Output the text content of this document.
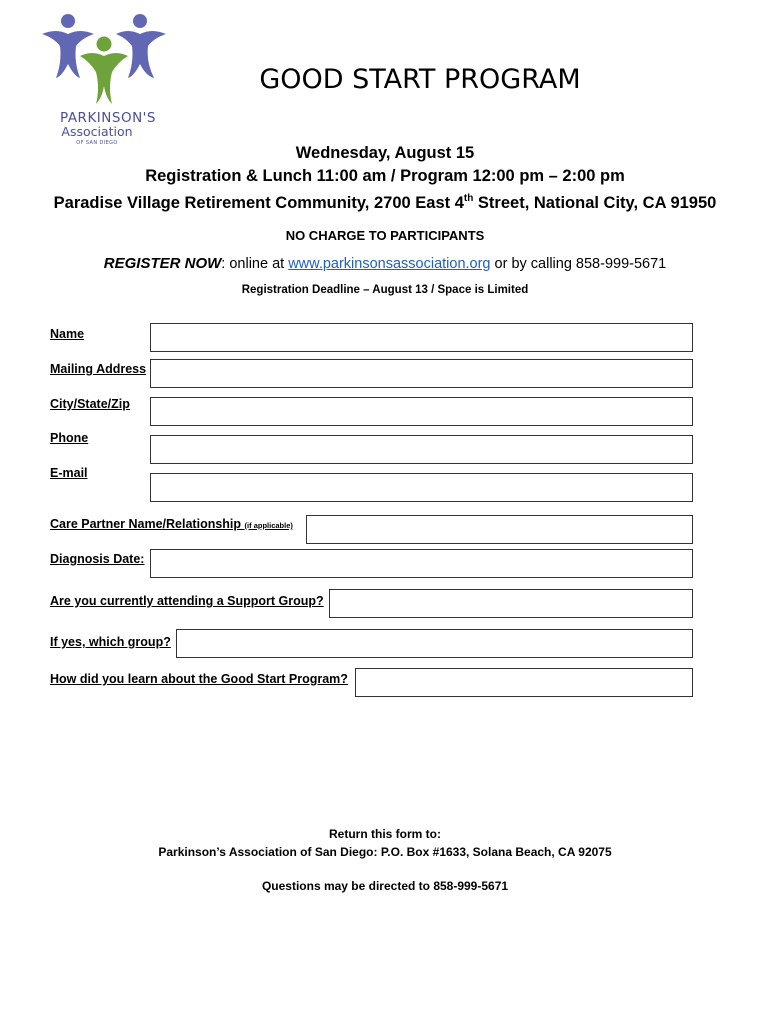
PARKINSON'S
Association
OF SAN DIEGO
GOOD START PROGRAM
Wednesday, August 15
Registration & Lunch 11:00 am / Program 12:00 pm – 2:00 pm
Paradise Village Retirement Community, 2700 East 4th Street, National City, CA 91950
NO CHARGE TO PARTICIPANTS
REGISTER NOW: online at www.parkinsonsassociation.org or by calling 858-999-5671
Registration Deadline – August 13 / Space is Limited
Name
Mailing Address
City/State/Zip
Phone
E-mail
Care Partner Name/Relationship (if applicable)
Diagnosis Date:
Are you currently attending a Support Group?
If yes, which group?
How did you learn about the Good Start Program?
Return this form to:
Parkinson’s Association of San Diego: P.O. Box #1633, Solana Beach, CA 92075
Questions may be directed to 858-999-5671
